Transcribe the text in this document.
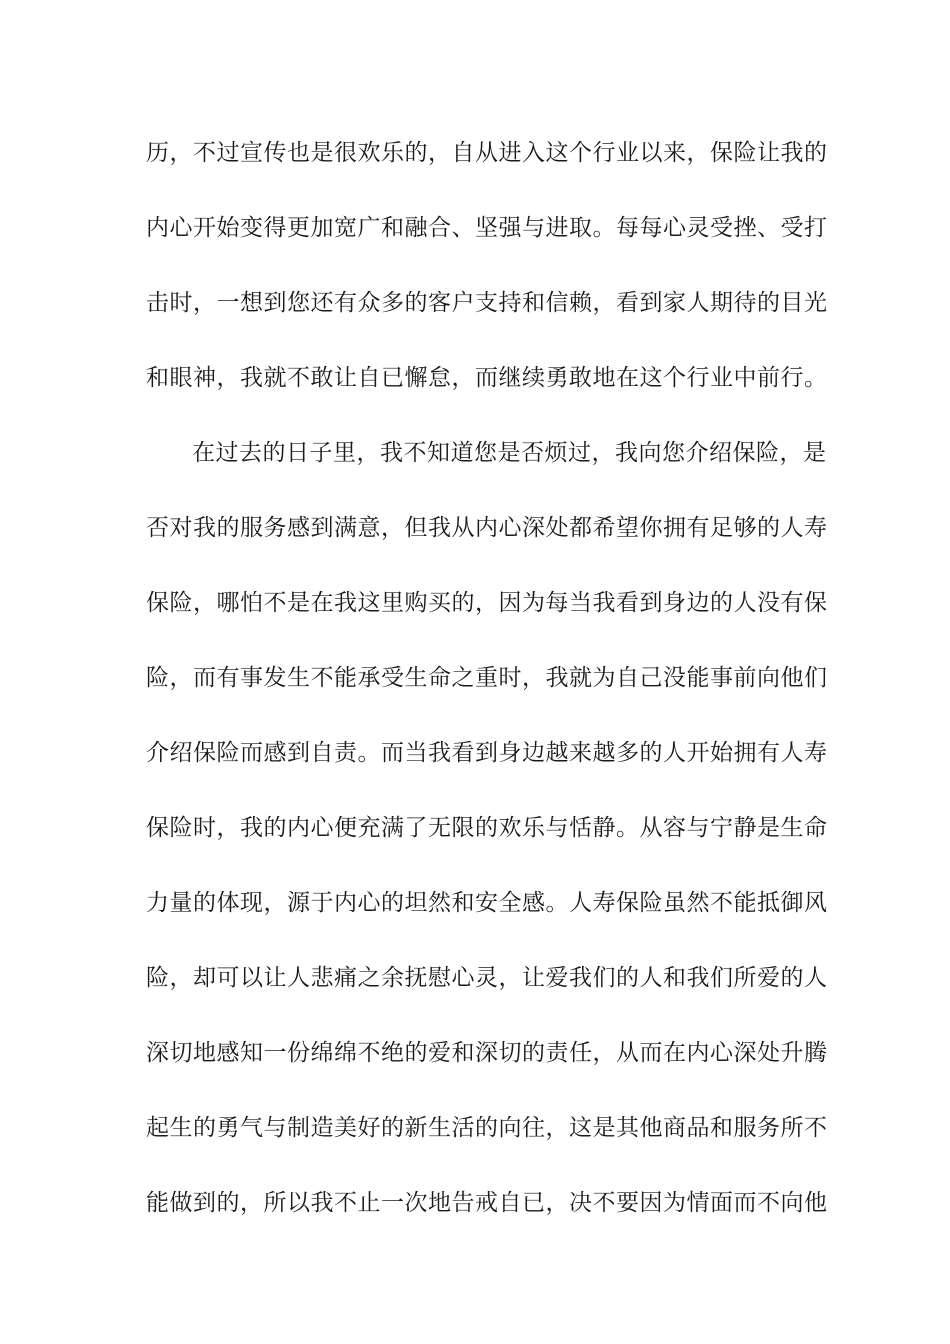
历，不过宣传也是很欢乐的，自从进入这个行业以来，保险让我的
内心开始变得更加宽广和融合、坚强与进取。每每心灵受挫、受打
击时，一想到您还有众多的客户支持和信赖，看到家人期待的目光
和眼神，我就不敢让自已懈怠，而继续勇敢地在这个行业中前行。
在过去的日子里，我不知道您是否烦过，我向您介绍保险，是
否对我的服务感到满意，但我从内心深处都希望你拥有足够的人寿
保险，哪怕不是在我这里购买的，因为每当我看到身边的人没有保
险，而有事发生不能承受生命之重时，我就为自己没能事前向他们
介绍保险而感到自责。而当我看到身边越来越多的人开始拥有人寿
保险时，我的内心便充满了无限的欢乐与恬静。从容与宁静是生命
力量的体现，源于内心的坦然和安全感。人寿保险虽然不能抵御风
险，却可以让人悲痛之余抚慰心灵，让爱我们的人和我们所爱的人
深切地感知一份绵绵不绝的爱和深切的责任，从而在内心深处升腾
起生的勇气与制造美好的新生活的向往，这是其他商品和服务所不
能做到的，所以我不止一次地告戒自已，决不要因为情面而不向他
